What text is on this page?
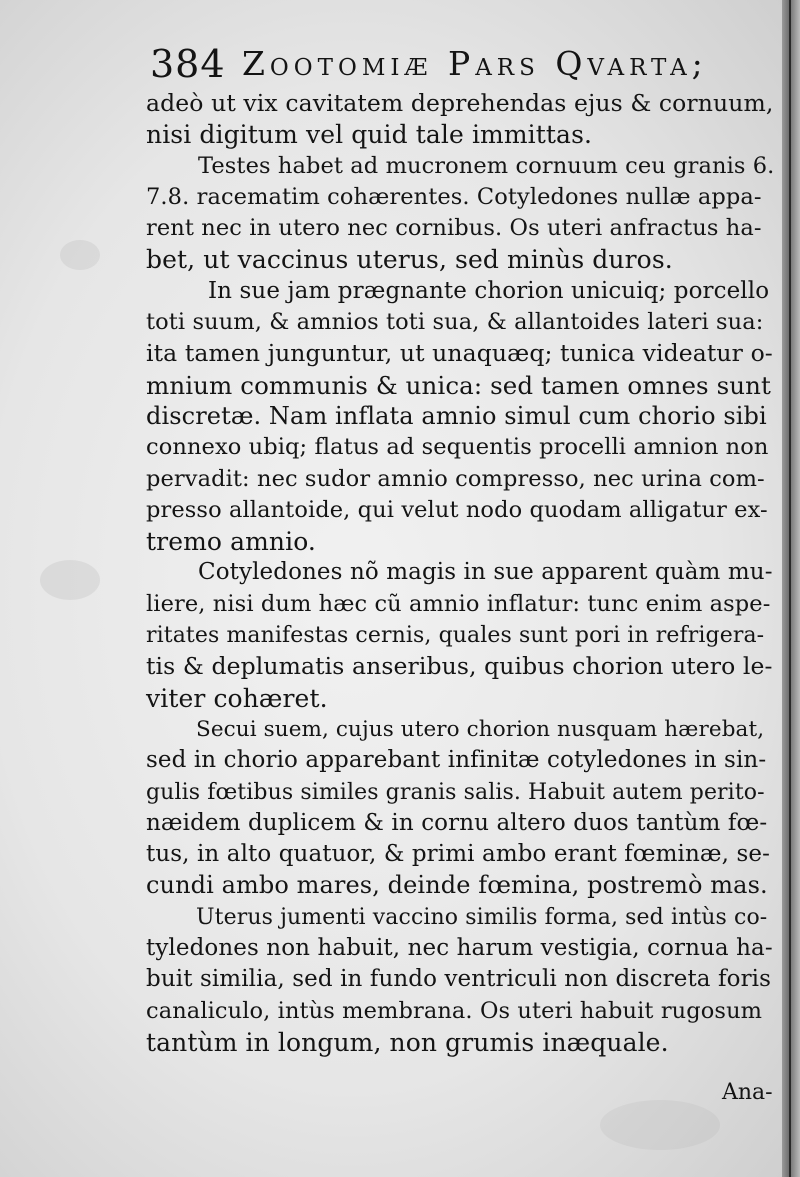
384 Zootomiæ Pars Qvarta;
adeò ut vix cavitatem deprehendas ejus & cornuum,
nisi digitum vel quid tale immittas.
Testes habet ad mucronem cornuum ceu granis 6.
7.8. racematim cohærentes. Cotyledones nullæ appa-
rent nec in utero nec cornibus. Os uteri anfractus ha-
bet, ut vaccinus uterus, sed minùs duros.
In sue jam prægnante chorion unicuiq; porcello
toti suum, & amnios toti sua, & allantoides lateri sua:
ita tamen junguntur, ut unaquæq; tunica videatur o-
mnium communis & unica: sed tamen omnes sunt
discretæ. Nam inflata amnio simul cum chorio sibi
connexo ubiq; flatus ad sequentis procelli amnion non
pervadit: nec sudor amnio compresso, nec urina com-
presso allantoide, qui velut nodo quodam alligatur ex-
tremo amnio.
Cotyledones nõ magis in sue apparent quàm mu-
liere, nisi dum hæc cũ amnio inflatur: tunc enim aspe-
ritates manifestas cernis, quales sunt pori in refrigera-
tis & deplumatis anseribus, quibus chorion utero le-
viter cohæret.
Secui suem, cujus utero chorion nusquam hærebat,
sed in chorio apparebant infinitæ cotyledones in sin-
gulis fœtibus similes granis salis. Habuit autem perito-
næidem duplicem & in cornu altero duos tantùm fœ-
tus, in alto quatuor, & primi ambo erant fœminæ, se-
cundi ambo mares, deinde fœmina, postremò mas.
Uterus jumenti vaccino similis forma, sed intùs co-
tyledones non habuit, nec harum vestigia, cornua ha-
buit similia, sed in fundo ventriculi non discreta foris
canaliculo, intùs membrana. Os uteri habuit rugosum
tantùm in longum, non grumis inæquale.
Ana-
